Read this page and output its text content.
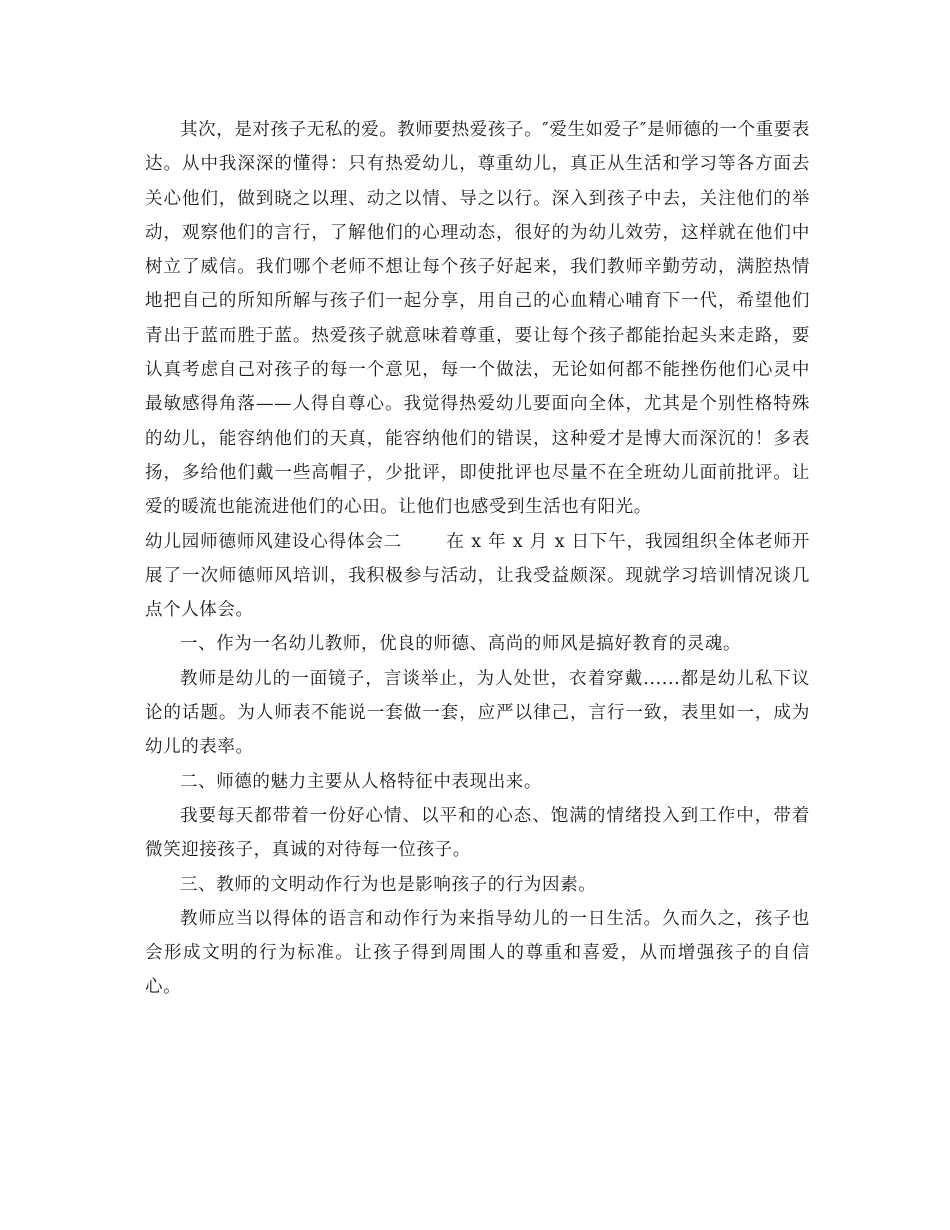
其次，是对孩子无私的爱。教师要热爱孩子。″爱生如爱子″是师德的一个重要表达。从中我深深的懂得：只有热爱幼儿，尊重幼儿，真正从生活和学习等各方面去关心他们，做到晓之以理、动之以情、导之以行。深入到孩子中去，关注他们的举动，观察他们的言行，了解他们的心理动态，很好的为幼儿效劳，这样就在他们中树立了威信。我们哪个老师不想让每个孩子好起来，我们教师辛勤劳动，满腔热情地把自己的所知所解与孩子们一起分享，用自己的心血精心哺育下一代，希望他们青出于蓝而胜于蓝。热爱孩子就意味着尊重，要让每个孩子都能抬起头来走路，要认真考虑自己对孩子的每一个意见，每一个做法，无论如何都不能挫伤他们心灵中最敏感得角落——人得自尊心。我觉得热爱幼儿要面向全体，尤其是个别性格特殊的幼儿，能容纳他们的天真，能容纳他们的错误，这种爱才是博大而深沉的！多表扬，多给他们戴一些高帽子，少批评，即使批评也尽量不在全班幼儿面前批评。让爱的暖流也能流进他们的心田。让他们也感受到生活也有阳光。

幼儿园师德师风建设心得体会二	在 x 年 x 月 x 日下午，我园组织全体老师开展了一次师德师风培训，我积极参与活动，让我受益颇深。现就学习培训情况谈几点个人体会。

一、作为一名幼儿教师，优良的师德、高尚的师风是搞好教育的灵魂。

教师是幼儿的一面镜子，言谈举止，为人处世，衣着穿戴......都是幼儿私下议论的话题。为人师表不能说一套做一套，应严以律己，言行一致，表里如一，成为幼儿的表率。

二、师德的魅力主要从人格特征中表现出来。

我要每天都带着一份好心情、以平和的心态、饱满的情绪投入到工作中，带着微笑迎接孩子，真诚的对待每一位孩子。

三、教师的文明动作行为也是影响孩子的行为因素。

教师应当以得体的语言和动作行为来指导幼儿的一日生活。久而久之，孩子也会形成文明的行为标准。让孩子得到周围人的尊重和喜爱，从而增强孩子的自信心。
